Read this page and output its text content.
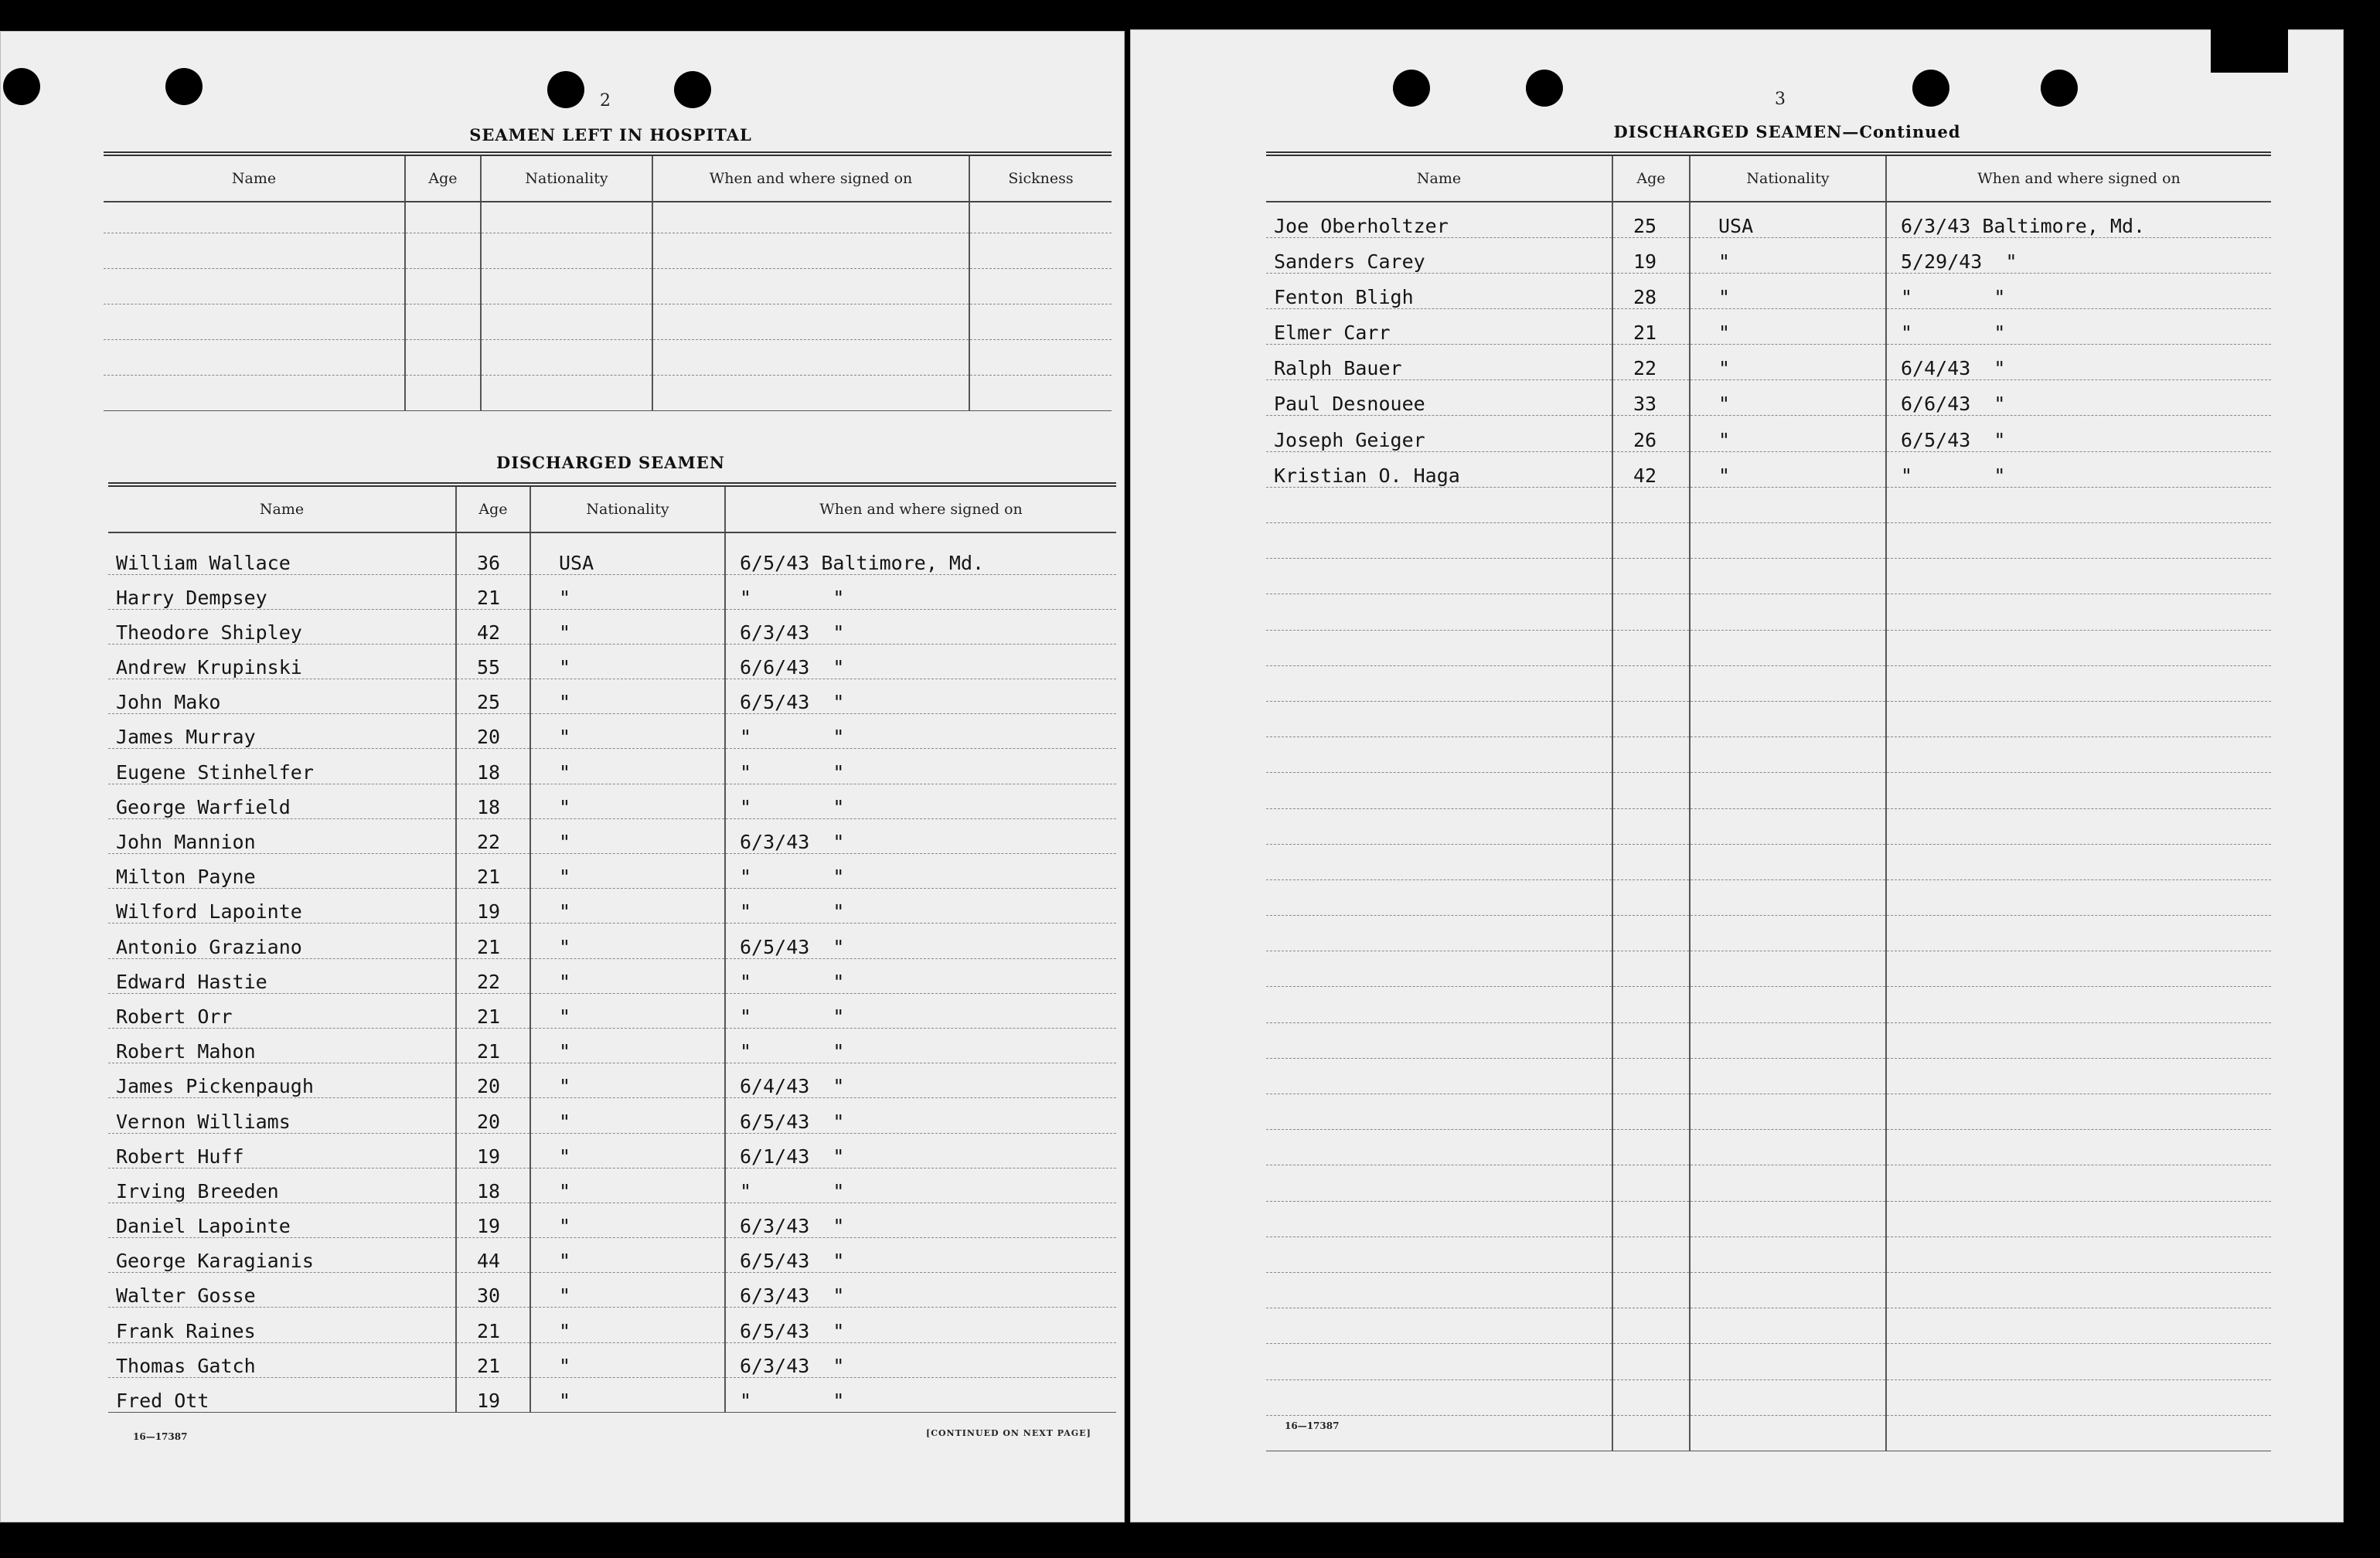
2
SEAMEN LEFT IN HOSPITAL
Name	Age	Nationality	When and where signed on	Sickness

DISCHARGED SEAMEN
Name	Age	Nationality	When and where signed on
William Wallace	36	USA	6/5/43 Baltimore, Md.
Harry Dempsey	21	"	"       "
Theodore Shipley	42	"	6/3/43  "
Andrew Krupinski	55	"	6/6/43  "
John Mako	25	"	6/5/43  "
James Murray	20	"	"       "
Eugene Stinhelfer	18	"	"       "
George Warfield	18	"	"       "
John Mannion	22	"	6/3/43  "
Milton Payne	21	"	"       "
Wilford Lapointe	19	"	"       "
Antonio Graziano	21	"	6/5/43  "
Edward Hastie	22	"	"       "
Robert Orr	21	"	"       "
Robert Mahon	21	"	"       "
James Pickenpaugh	20	"	6/4/43  "
Vernon Williams	20	"	6/5/43  "
Robert Huff	19	"	6/1/43  "
Irving Breeden	18	"	"       "
Daniel Lapointe	19	"	6/3/43  "
George Karagianis	44	"	6/5/43  "
Walter Gosse	30	"	6/3/43  "
Frank Raines	21	"	6/5/43  "
Thomas Gatch	21	"	6/3/43  "
Fred Ott	19	"	"       "
16—17387	[CONTINUED ON NEXT PAGE]
3
DISCHARGED SEAMEN—Continued
Name	Age	Nationality	When and where signed on
Joe Oberholtzer	25	USA	6/3/43 Baltimore, Md.
Sanders Carey	19	"	5/29/43  "
Fenton Bligh	28	"	"       "
Elmer Carr	21	"	"       "
Ralph Bauer	22	"	6/4/43  "
Paul Desnouee	33	"	6/6/43  "
Joseph Geiger	26	"	6/5/43  "
Kristian O. Haga	42	"	"       "

16—17387
